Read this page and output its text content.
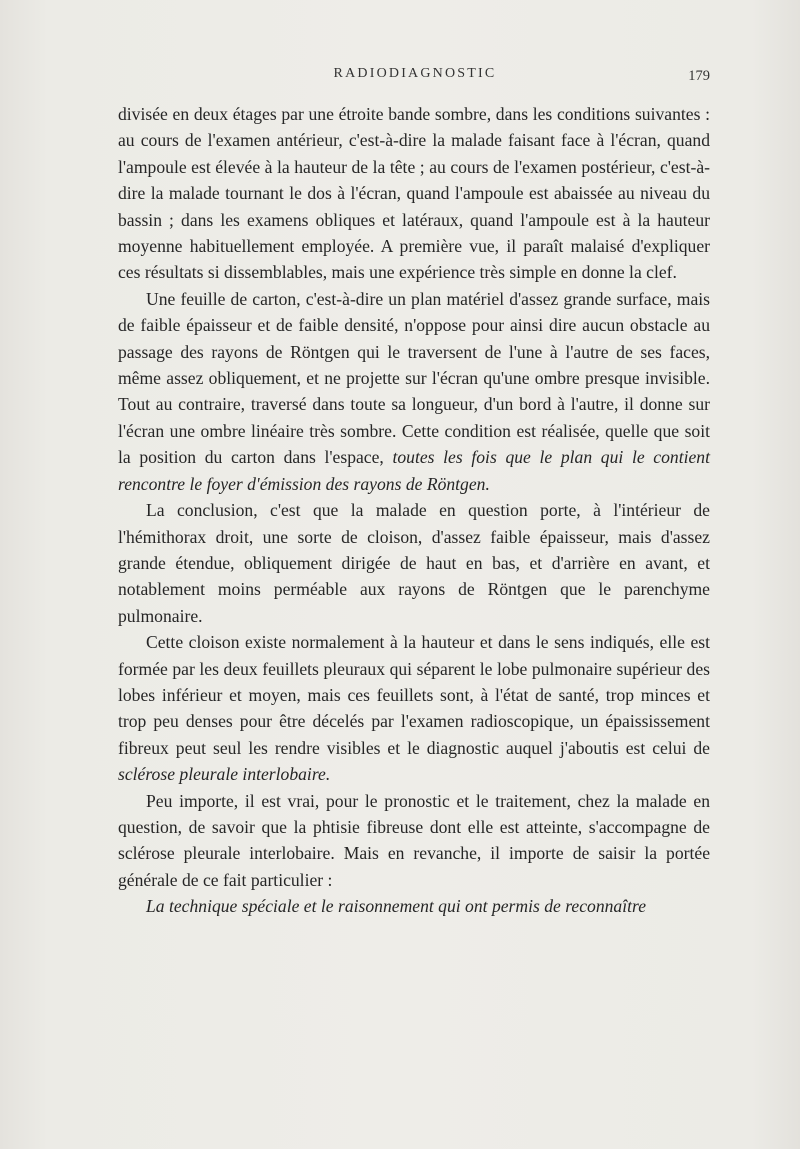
RADIODIAGNOSTIC	179

divisée en deux étages par une étroite bande sombre, dans les conditions suivantes : au cours de l'examen antérieur, c'est-à-dire la malade faisant face à l'écran, quand l'ampoule est élevée à la hauteur de la tête ; au cours de l'examen postérieur, c'est-à-dire la malade tournant le dos à l'écran, quand l'ampoule est abaissée au niveau du bassin ; dans les examens obliques et latéraux, quand l'ampoule est à la hauteur moyenne habituellement employée. A première vue, il paraît malaisé d'expliquer ces résultats si dissemblables, mais une expérience très simple en donne la clef.

Une feuille de carton, c'est-à-dire un plan matériel d'assez grande surface, mais de faible épaisseur et de faible densité, n'oppose pour ainsi dire aucun obstacle au passage des rayons de Röntgen qui le traversent de l'une à l'autre de ses faces, même assez obliquement, et ne projette sur l'écran qu'une ombre presque invisible. Tout au contraire, traversé dans toute sa longueur, d'un bord à l'autre, il donne sur l'écran une ombre linéaire très sombre. Cette condition est réalisée, quelle que soit la position du carton dans l'espace, toutes les fois que le plan qui le contient rencontre le foyer d'émission des rayons de Röntgen.

La conclusion, c'est que la malade en question porte, à l'intérieur de l'hémithorax droit, une sorte de cloison, d'assez faible épaisseur, mais d'assez grande étendue, obliquement dirigée de haut en bas, et d'arrière en avant, et notablement moins perméable aux rayons de Röntgen que le parenchyme pulmonaire.

Cette cloison existe normalement à la hauteur et dans le sens indiqués, elle est formée par les deux feuillets pleuraux qui séparent le lobe pulmonaire supérieur des lobes inférieur et moyen, mais ces feuillets sont, à l'état de santé, trop minces et trop peu denses pour être décelés par l'examen radioscopique, un épaississement fibreux peut seul les rendre visibles et le diagnostic auquel j'aboutis est celui de sclérose pleurale interlobaire.

Peu importe, il est vrai, pour le pronostic et le traitement, chez la malade en question, de savoir que la phtisie fibreuse dont elle est atteinte, s'accompagne de sclérose pleurale interlobaire. Mais en revanche, il importe de saisir la portée générale de ce fait particulier :

La technique spéciale et le raisonnement qui ont permis de reconnaître
